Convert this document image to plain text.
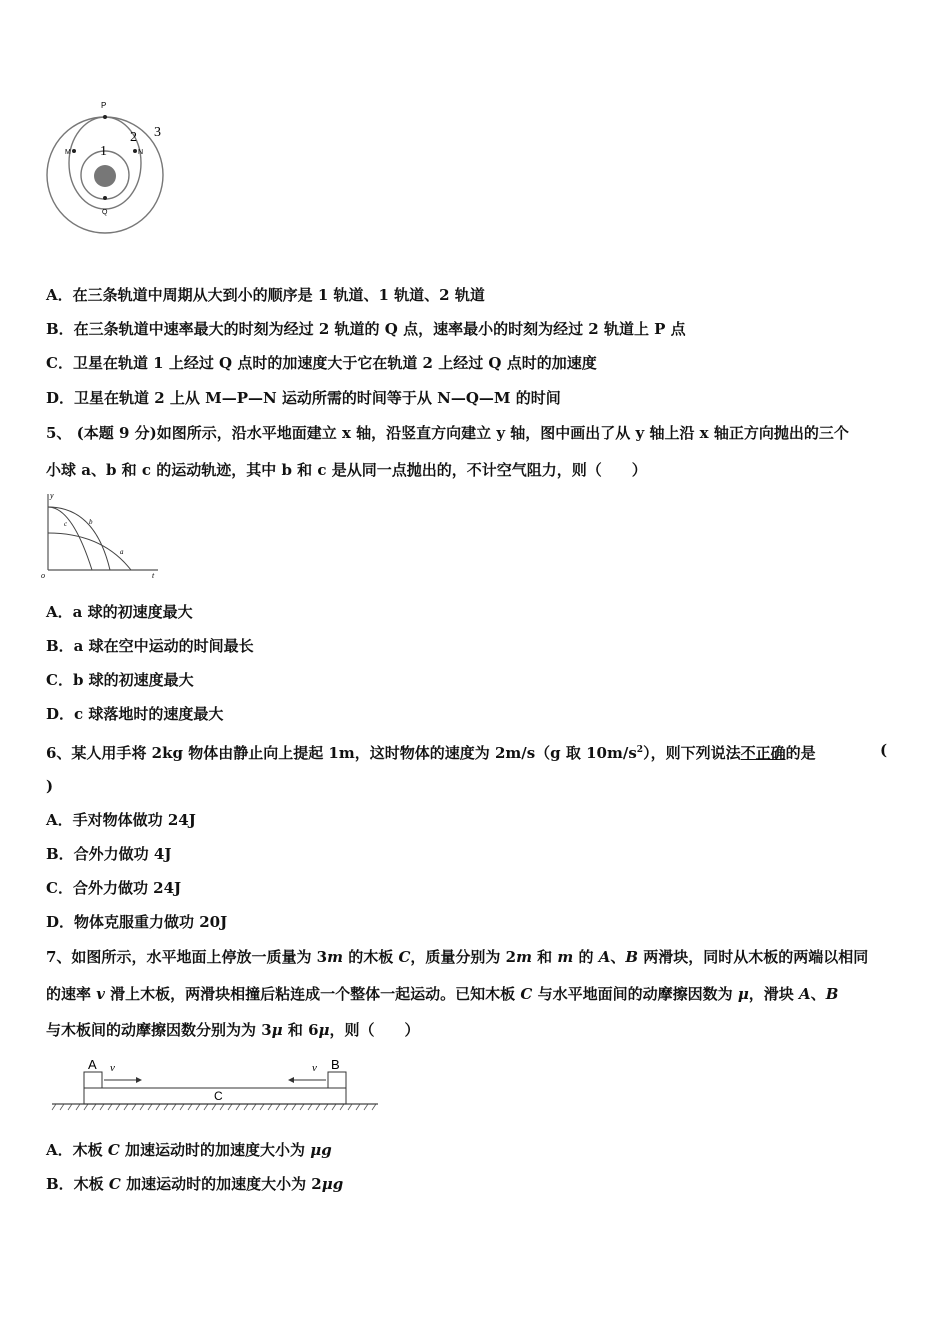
P
M	N
Q
1
2 3
A．在三条轨道中周期从大到小的顺序是 1 轨道、1 轨道、2 轨道
B．在三条轨道中速率最大的时刻为经过 2 轨道的 Q 点，速率最小的时刻为经过 2 轨道上 P 点
C．卫星在轨道 1 上经过 Q 点时的加速度大于它在轨道 2 上经过 Q 点时的加速度
D．卫星在轨道 2 上从 M—P—N 运动所需的时间等于从 N—Q—M 的时间
5、 (本题 9 分)如图所示，沿水平地面建立 x 轴，沿竖直方向建立 y 轴，图中画出了从 y 轴上沿 x 轴正方向抛出的三个
小球 a、b 和 c 的运动轨迹，其中 b 和 c 是从同一点抛出的，不计空气阻力，则（　　）
y
o	t
c	b
a
A．a 球的初速度最大
B．a 球在空中运动的时间最长
C．b 球的初速度最大
D．c 球落地时的速度最大
6、某人用手将 2kg 物体由静止向上提起 1m，这时物体的速度为 2m/s（g 取 $10m/s^2$），则下列说法不正确的是	(
)
A．手对物体做功 24J
B．合外力做功 4J
C．合外力做功 24J
D．物体克服重力做功 20J
7、如图所示，水平地面上停放一质量为 3m 的木板 C，质量分别为 2m 和 m 的 A、B 两滑块，同时从木板的两端以相同
的速率 v 滑上木板，两滑块相撞后粘连成一个整体一起运动。已知木板 C 与水平地面间的动摩擦因数为 μ，滑块 A、B
与木板间的动摩擦因数分别为为 3μ 和 6μ，则（　　）
A	B
v	v
C
A．木板 C 加速运动时的加速度大小为 μg
B．木板 C 加速运动时的加速度大小为 2μg
